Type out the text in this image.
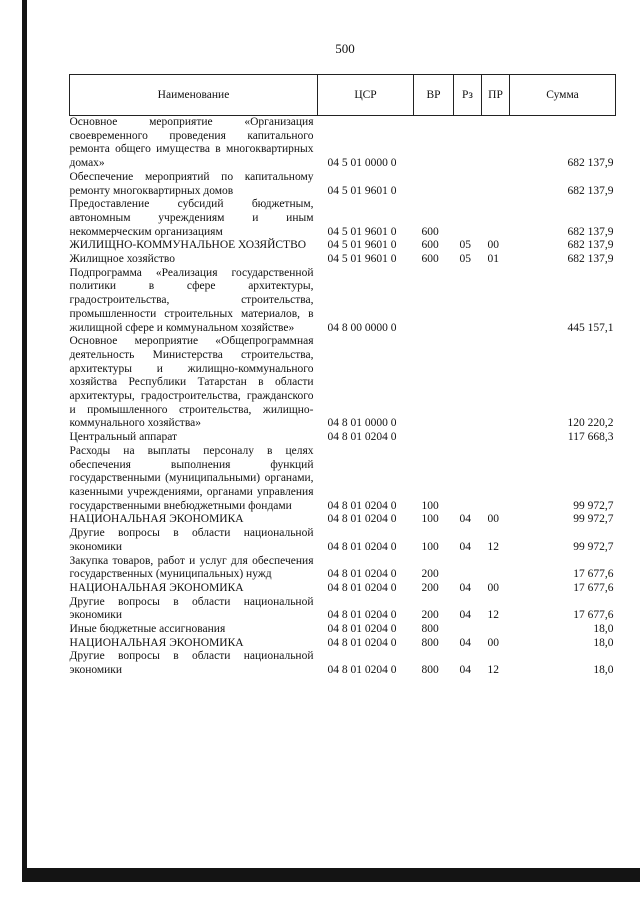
500
Наименование	ЦСР	ВР	Рз	ПР	Сумма
Основное мероприятие «Организация своевременного проведения капитального ремонта общего имущества в многоквартирных домах»	04 5 01 0000 0				682 137,9
Обеспечение мероприятий по капитальному ремонту многоквартирных домов	04 5 01 9601 0				682 137,9
Предоставление субсидий бюджетным, автономным учреждениям и иным некоммерческим организациям	04 5 01 9601 0	600			682 137,9
ЖИЛИЩНО-КОММУНАЛЬНОЕ ХОЗЯЙСТВО	04 5 01 9601 0	600	05	00	682 137,9
Жилищное хозяйство	04 5 01 9601 0	600	05	01	682 137,9
Подпрограмма «Реализация государственной политики в сфере архитектуры, градостроительства, строительства, промышленности строительных материалов, в жилищной сфере и коммунальном хозяйстве»	04 8 00 0000 0				445 157,1
Основное мероприятие «Общепрограммная деятельность Министерства строительства, архитектуры и жилищно-коммунального хозяйства Республики Татарстан в области архитектуры, градостроительства, гражданского и промышленного строительства, жилищно-коммунального хозяйства»	04 8 01 0000 0				120 220,2
Центральный аппарат	04 8 01 0204 0				117 668,3
Расходы на выплаты персоналу в целях обеспечения выполнения функций государственными (муниципальными) органами, казенными учреждениями, органами управления государственными внебюджетными фондами	04 8 01 0204 0	100			99 972,7
НАЦИОНАЛЬНАЯ ЭКОНОМИКА	04 8 01 0204 0	100	04	00	99 972,7
Другие вопросы в области национальной экономики	04 8 01 0204 0	100	04	12	99 972,7
Закупка товаров, работ и услуг для обеспечения государственных (муниципальных) нужд	04 8 01 0204 0	200			17 677,6
НАЦИОНАЛЬНАЯ ЭКОНОМИКА	04 8 01 0204 0	200	04	00	17 677,6
Другие вопросы в области национальной экономики	04 8 01 0204 0	200	04	12	17 677,6
Иные бюджетные ассигнования	04 8 01 0204 0	800			18,0
НАЦИОНАЛЬНАЯ ЭКОНОМИКА	04 8 01 0204 0	800	04	00	18,0
Другие вопросы в области национальной экономики	04 8 01 0204 0	800	04	12	18,0
